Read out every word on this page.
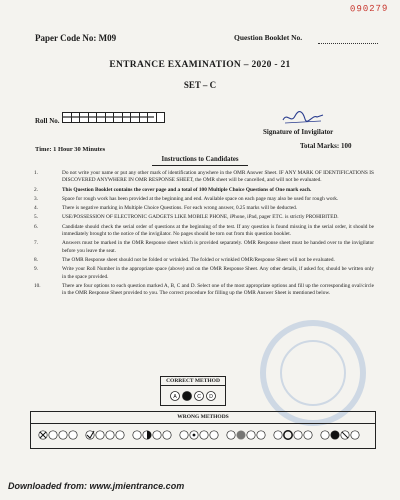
090279
Paper Code No: M09	Question Booklet No.
ENTRANCE EXAMINATION – 2020 - 21
SET – C
Roll No.
Signature of Invigilator
Time: 1 Hour 30 Minutes	Total Marks: 100
Instructions to Candidates
1.	Do not write your name or put any other mark of identification anywhere in the OMR Answer Sheet. IF ANY MARK OF IDENTIFICATIONS IS DISCOVERED ANYWHERE IN OMR RESPONSE SHEET, the OMR sheet will be cancelled, and will not be evaluated.
2.	This Question Booklet contains the cover page and a total of 100 Multiple Choice Questions of One mark each.
3.	Space for rough work has been provided at the beginning and end. Available space on each page may also be used for rough work.
4.	There is negative marking in Multiple Choice Questions. For each wrong answer, 0.25 marks will be deducted.
5.	USE/POSSESSION OF ELECTRONIC GADGETS LIKE MOBILE PHONE, iPhone, iPad, pager ETC. is strictly PROHIBITED.
6.	Candidate should check the serial order of questions at the beginning of the test. If any question is found missing in the serial order, it should be immediately brought to the notice of the invigilator. No pages should be torn out from this question booklet.
7.	Answers must be marked in the OMR Response sheet which is provided separately. OMR Response sheet must be handed over to the invigilator before you leave the seat.
8.	The OMR Response sheet should not be folded or wrinkled. The folded or wrinkled OMR/Response Sheet will not be evaluated.
9.	Write your Roll Number in the appropriate space (above) and on the OMR Response Sheet. Any other details, if asked for, should be written only in the space provided.
10.	There are four options to each question marked A, B, C and D. Select one of the most appropriate options and fill up the corresponding oval/circle in the OMR Response Sheet provided to you. The correct procedure for filling up the OMR Answer Sheet is mentioned below.
CORRECT METHOD
A B C D
WRONG METHODS
Downloaded from: www.jmientrance.com
